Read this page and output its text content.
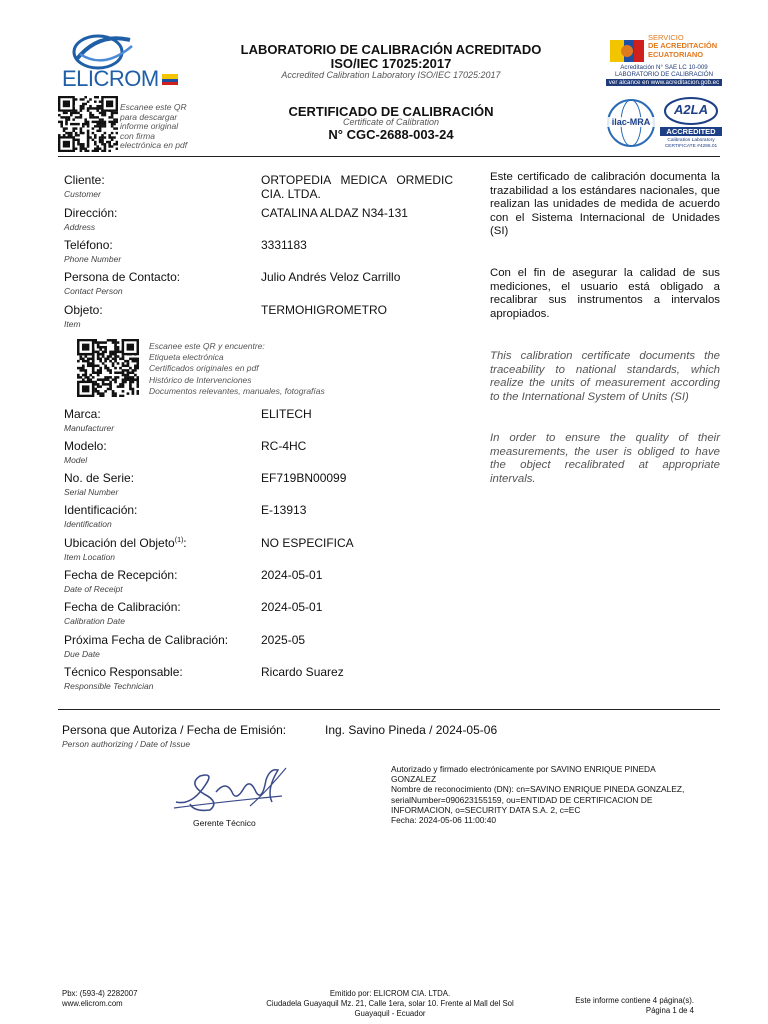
ELICROM
LABORATORIO DE CALIBRACIÓN ACREDITADO
ISO/IEC 17025:2017
Accredited Calibration Laboratory ISO/IEC 17025:2017
Escanee este QR
para descargar
informe original
con firma
electrónica en pdf
CERTIFICADO DE CALIBRACIÓN
Certificate of Calibration
N° CGC-2688-003-24
SERVICIO
DE ACREDITACIÓN
ECUATORIANO
Acreditación N° SAE LC 10-009
LABORATORIO DE CALIBRACIÓN
ver alcance en www.acreditacion.gob.ec
ilac-MRA
A2LA
ACCREDITED
Calibration Laboratory
CERTIFICATE #4286.01
Cliente:
Customer
ORTOPEDIA MEDICA ORMEDIC CIA. LTDA.
Dirección:
Address
CATALINA ALDAZ N34-131
Teléfono:
Phone Number
3331183
Persona de Contacto:
Contact Person
Julio Andrés Veloz Carrillo
Objeto:
Item
TERMOHIGROMETRO
Marca:
Manufacturer
ELITECH
Modelo:
Model
RC-4HC
No. de Serie:
Serial Number
EF719BN00099
Identificación:
Identification
E-13913
Ubicación del Objeto$^{(1)}$:
Item Location
NO ESPECIFICA
Fecha de Recepción:
Date of Receipt
2024-05-01
Fecha de Calibración:
Calibration Date
2024-05-01
Próxima Fecha de Calibración:
Due Date
2025-05
Técnico Responsable:
Responsible Technician
Ricardo Suarez
Escanee este QR y encuentre:
Etiqueta electrónica
Certificados originales en pdf
Histórico de Intervenciones
Documentos relevantes, manuales, fotografías
Este certificado de calibración documenta la trazabilidad a los estándares nacionales, que realizan las unidades de medida de acuerdo con el Sistema Internacional de Unidades (SI)
Con el fin de asegurar la calidad de sus mediciones, el usuario está obligado a recalibrar sus instrumentos a intervalos apropiados.
This calibration certificate documents the traceability to national standards, which realize the units of measurement according to the International System of Units (SI)
In order to ensure the quality of their measurements, the user is obliged to have the object recalibrated at appropriate intervals.
Persona que Autoriza / Fecha de Emisión:
Person authorizing / Date of Issue
Ing. Savino Pineda / 2024-05-06
Gerente Técnico
Autorizado y firmado electrónicamente por SAVINO ENRIQUE PINEDA
GONZALEZ
Nombre de reconocimiento (DN): cn=SAVINO ENRIQUE PINEDA GONZALEZ,
serialNumber=090623155159, ou=ENTIDAD DE CERTIFICACION DE
INFORMACION, o=SECURITY DATA S.A. 2, c=EC
Fecha: 2024-05-06 11:00:40
Pbx: (593-4) 2282007
www.elicrom.com
Emitido por: ELICROM CIA. LTDA.
Ciudadela Guayaquil Mz. 21, Calle 1era, solar 10. Frente al Mall del Sol
Guayaquil - Ecuador
Este informe contiene 4 página(s).
Página 1 de 4
